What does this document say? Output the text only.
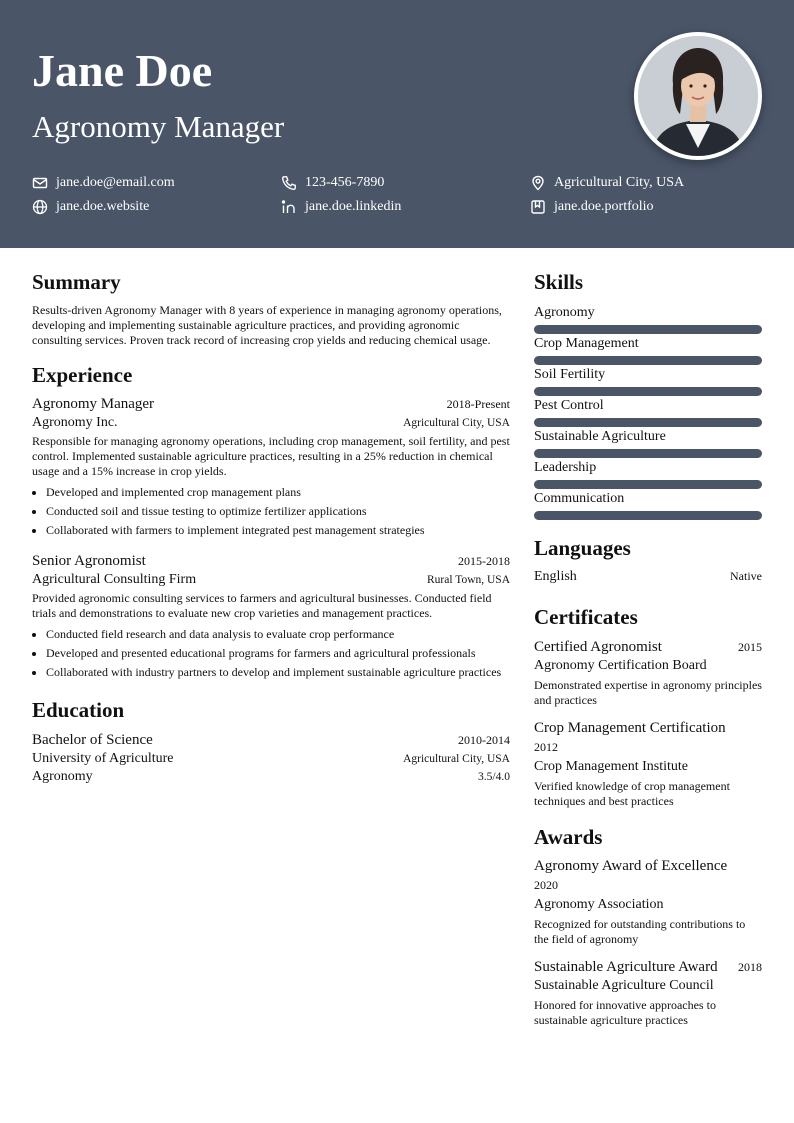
Jane Doe
Agronomy Manager
jane.doe@email.com	123-456-7890	Agricultural City, USA
jane.doe.website	jane.doe.linkedin	jane.doe.portfolio
Summary
Results-driven Agronomy Manager with 8 years of experience in managing agronomy operations, developing and implementing sustainable agriculture practices, and providing agronomic consulting services. Proven track record of increasing crop yields and reducing chemical usage.
Experience
Agronomy Manager	2018-Present
Agronomy Inc.	Agricultural City, USA
Responsible for managing agronomy operations, including crop management, soil fertility, and pest control. Implemented sustainable agriculture practices, resulting in a 25% reduction in chemical usage and a 15% increase in crop yields.
• Developed and implemented crop management plans
• Conducted soil and tissue testing to optimize fertilizer applications
• Collaborated with farmers to implement integrated pest management strategies
Senior Agronomist	2015-2018
Agricultural Consulting Firm	Rural Town, USA
Provided agronomic consulting services to farmers and agricultural businesses. Conducted field trials and demonstrations to evaluate new crop varieties and management practices.
• Conducted field research and data analysis to evaluate crop performance
• Developed and presented educational programs for farmers and agricultural professionals
• Collaborated with industry partners to develop and implement sustainable agriculture practices
Education
Bachelor of Science	2010-2014
University of Agriculture	Agricultural City, USA
Agronomy	3.5/4.0
Skills
Agronomy
Crop Management
Soil Fertility
Pest Control
Sustainable Agriculture
Leadership
Communication
Languages
English	Native
Certificates
Certified Agronomist	2015
Agronomy Certification Board
Demonstrated expertise in agronomy principles and practices
Crop Management Certification
2012
Crop Management Institute
Verified knowledge of crop management techniques and best practices
Awards
Agronomy Award of Excellence
2020
Agronomy Association
Recognized for outstanding contributions to the field of agronomy
Sustainable Agriculture Award 2018
Sustainable Agriculture Council
Honored for innovative approaches to sustainable agriculture practices
